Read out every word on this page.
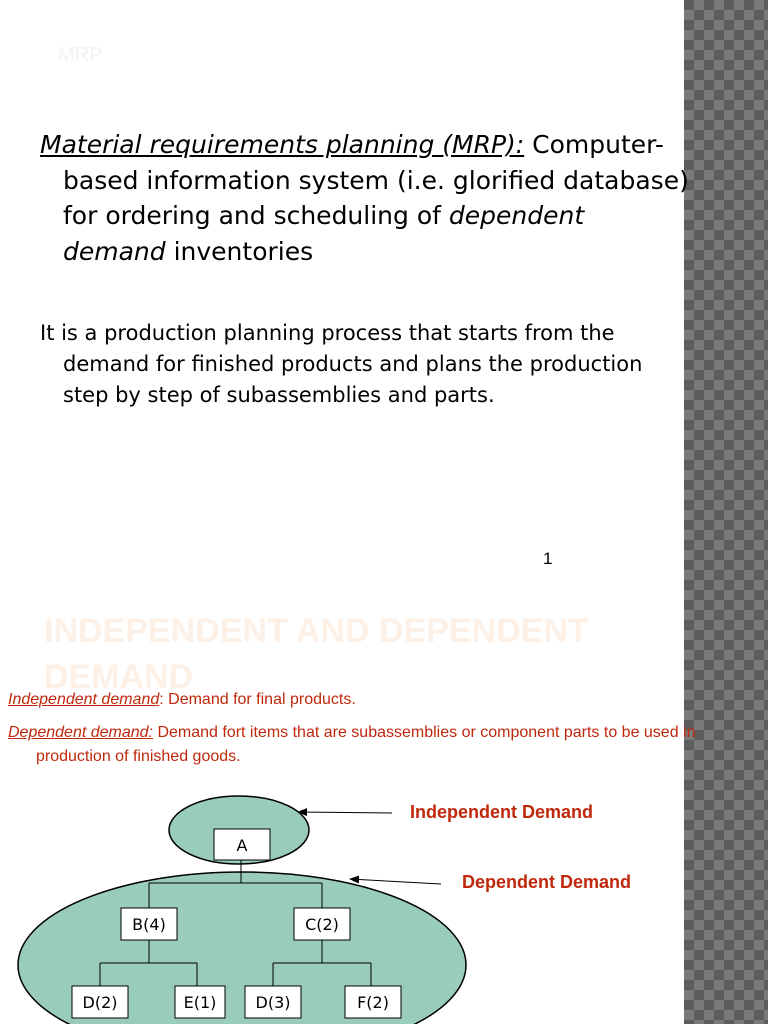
MRP
Material requirements planning (MRP): Computer-based information system (i.e. glorified database) for ordering and scheduling of dependent demand inventories
It is a production planning process that starts from the demand for finished products and plans the production step by step of subassemblies and parts.
1
INDEPENDENT AND DEPENDENT DEMAND
Independent demand: Demand for final products.
Dependent demand: Demand fort items that are subassemblies or component parts to be used in production of finished goods.
A
B(4)	C(2)
D(2)	E(1) D(3)	F(2)
Independent Demand
Dependent Demand
